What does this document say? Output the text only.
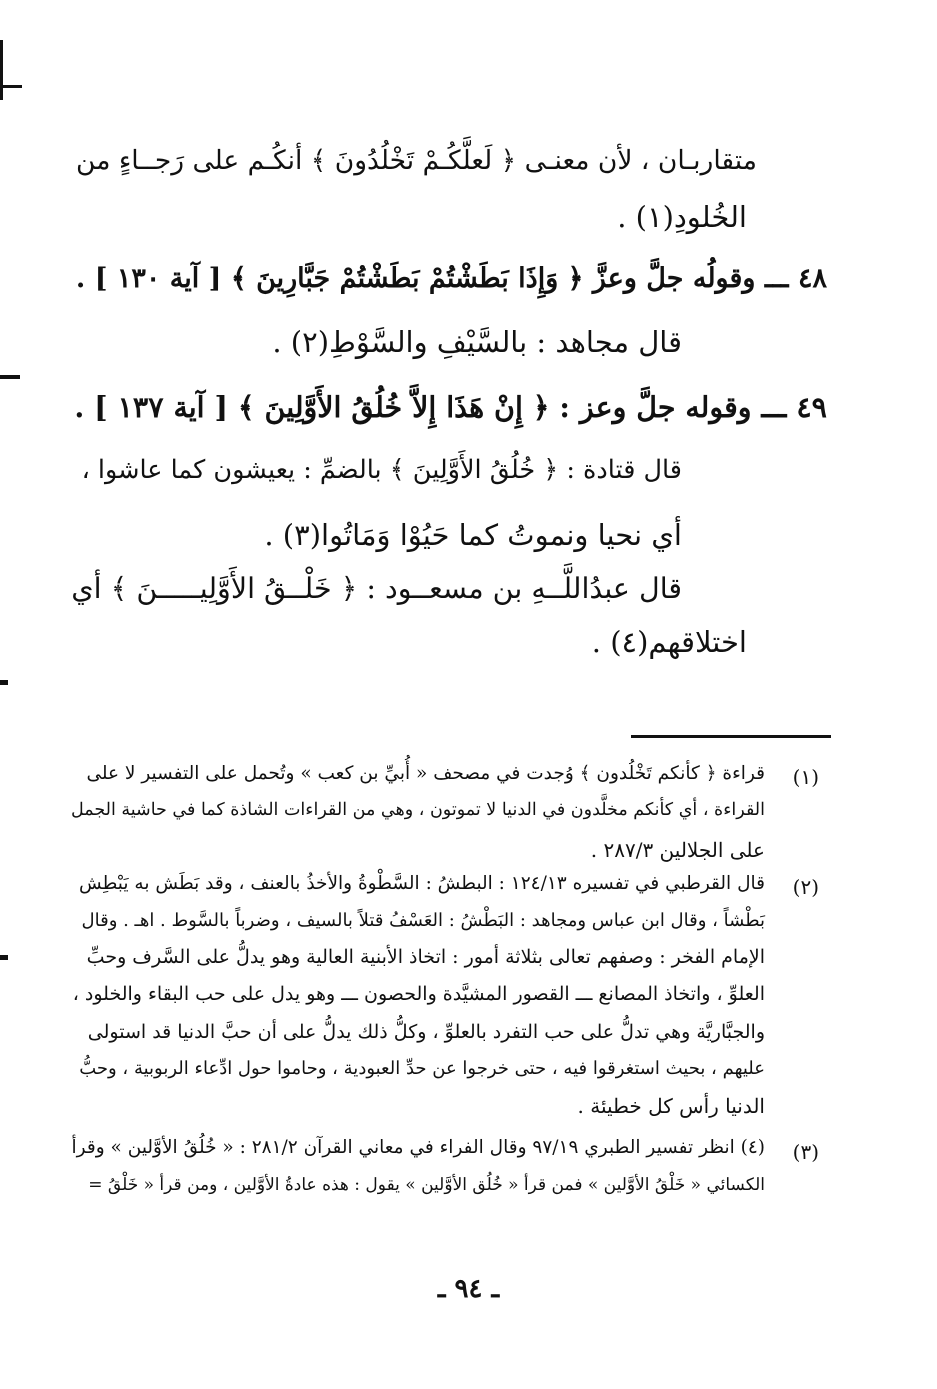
متقاربـان ، لأن معنـى ﴿ لَعلَّكُـمْ تَخْلُدُونَ ﴾ أنكُـم على رَجــاءٍ من
الخُلودِ(١) .
٤٨ ـــ وقولُه جلَّ وعزَّ ﴿ وَإِذَا بَطَشْتُمْ بَطَشْتُمْ جَبَّارِينَ ﴾ [ آية ١٣٠ ] .
قال مجاهد : بالسَّيْفِ والسَّوْطِ(٢) .
٤٩ ـــ وقوله جلَّ وعز : ﴿ إِنْ هَذَا إِلاَّ خُلُقُ الأَوَّلِينَ ﴾ [ آية ١٣٧ ] .
قال قتادة : ﴿ خُلُقُ الأَوَّلِينَ ﴾ بالضمِّ : يعيشون كما عاشوا ،
أي نحيا ونموتُ كما حَيُوْا وَمَاتُوا(٣) .
قال عبدُاللَّــهِ بن مسعــود : ﴿ خَلْــقُ الأَوَّلِيـــــنَ ﴾ أي
اختلاقهم(٤) .
(١)
قراءة ﴿ كأنكم تَخْلُدون ﴾ وُجدت في مصحف « أُبيِّ بن كعب » وتُحمل على التفسير لا على
القراءة ، أي كأنكم مخلَّدون في الدنيا لا تموتون ، وهي من القراءات الشاذة كما في حاشية الجمل
على الجلالين ٢٨٧/٣ .
(٢)
قال القرطبي في تفسيره ١٢٤/١٣ : البطشُ : السَّطْوةُ والأخذُ بالعنف ، وقد بَطَش به يَبْطِش
بَطْشاً ، وقال ابن عباس ومجاهد : البَطْشُ : العَسْفُ قتلاً بالسيف ، وضرباً بالسَّوط . اهـ . وقال
الإمام الفخر : وصفهم تعالى بثلاثة أمور : اتخاذ الأبنية العالية وهو يدلُّ على السَّرف وحبِّ
العلوِّ ، واتخاذ المصانع ـــ القصور المشيَّدة والحصون ـــ وهو يدل على حب البقاء والخلود ،
والجبَّاريَّة وهي تدلُّ على حب التفرد بالعلوِّ ، وكلُّ ذلك يدلُّ على أن حبَّ الدنيا قد استولى
عليهم ، بحيث استغرقوا فيه ، حتى خرجوا عن حدِّ العبودية ، وحاموا حول ادِّعاء الربوبية ، وحبُّ
الدنيا رأس كل خطيئة .
(٣)
(٤) انظر تفسير الطبري ٩٧/١٩ وقال الفراء في معاني القرآن ٢٨١/٢ : « خُلُقُ الأوَّلين » وقرأ
الكسائي « خَلْقُ الأوَّلين » فمن قرأ « خُلُق الأوَّلين » يقول : هذه عادةُ الأوَّلين ، ومن قرأ « خَلْقُ =
ـ ٩٤ ـ
